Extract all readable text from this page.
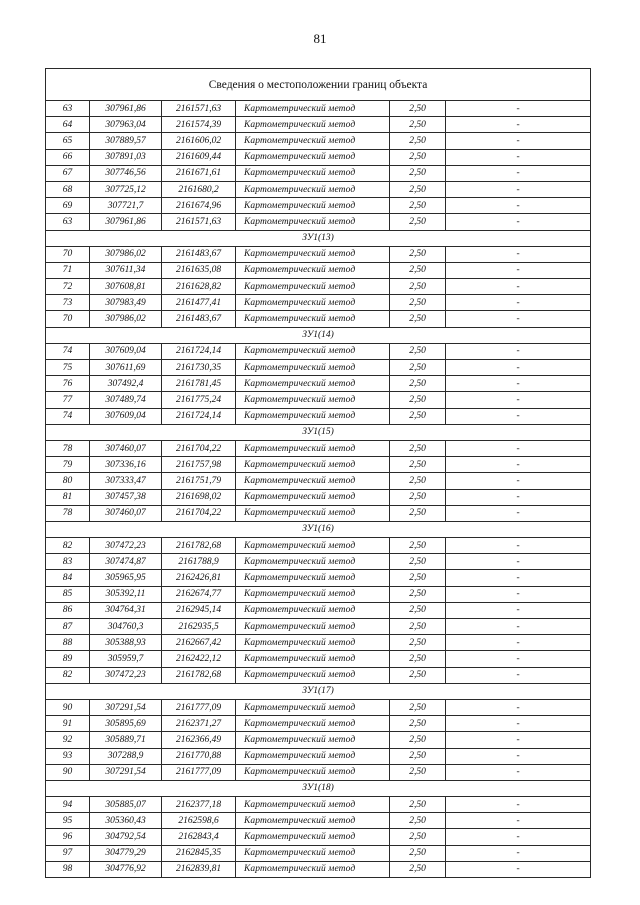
81
Сведения о местоположении границ объекта					
63	307961,86	2161571,63	Картометрический метод	2,50	-
64	307963,04	2161574,39	Картометрический метод	2,50	-
65	307889,57	2161606,02	Картометрический метод	2,50	-
66	307891,03	2161609,44	Картометрический метод	2,50	-
67	307746,56	2161671,61	Картометрический метод	2,50	-
68	307725,12	2161680,2	Картометрический метод	2,50	-
69	307721,7	2161674,96	Картометрический метод	2,50	-
63	307961,86	2161571,63	Картометрический метод	2,50	-
ЗУ1(13)					
70	307986,02	2161483,67	Картометрический метод	2,50	-
71	307611,34	2161635,08	Картометрический метод	2,50	-
72	307608,81	2161628,82	Картометрический метод	2,50	-
73	307983,49	2161477,41	Картометрический метод	2,50	-
70	307986,02	2161483,67	Картометрический метод	2,50	-
ЗУ1(14)					
74	307609,04	2161724,14	Картометрический метод	2,50	-
75	307611,69	2161730,35	Картометрический метод	2,50	-
76	307492,4	2161781,45	Картометрический метод	2,50	-
77	307489,74	2161775,24	Картометрический метод	2,50	-
74	307609,04	2161724,14	Картометрический метод	2,50	-
ЗУ1(15)					
78	307460,07	2161704,22	Картометрический метод	2,50	-
79	307336,16	2161757,98	Картометрический метод	2,50	-
80	307333,47	2161751,79	Картометрический метод	2,50	-
81	307457,38	2161698,02	Картометрический метод	2,50	-
78	307460,07	2161704,22	Картометрический метод	2,50	-
ЗУ1(16)					
82	307472,23	2161782,68	Картометрический метод	2,50	-
83	307474,87	2161788,9	Картометрический метод	2,50	-
84	305965,95	2162426,81	Картометрический метод	2,50	-
85	305392,11	2162674,77	Картометрический метод	2,50	-
86	304764,31	2162945,14	Картометрический метод	2,50	-
87	304760,3	2162935,5	Картометрический метод	2,50	-
88	305388,93	2162667,42	Картометрический метод	2,50	-
89	305959,7	2162422,12	Картометрический метод	2,50	-
82	307472,23	2161782,68	Картометрический метод	2,50	-
ЗУ1(17)					
90	307291,54	2161777,09	Картометрический метод	2,50	-
91	305895,69	2162371,27	Картометрический метод	2,50	-
92	305889,71	2162366,49	Картометрический метод	2,50	-
93	307288,9	2161770,88	Картометрический метод	2,50	-
90	307291,54	2161777,09	Картометрический метод	2,50	-
ЗУ1(18)					
94	305885,07	2162377,18	Картометрический метод	2,50	-
95	305360,43	2162598,6	Картометрический метод	2,50	-
96	304792,54	2162843,4	Картометрический метод	2,50	-
97	304779,29	2162845,35	Картометрический метод	2,50	-
98	304776,92	2162839,81	Картометрический метод	2,50	-
